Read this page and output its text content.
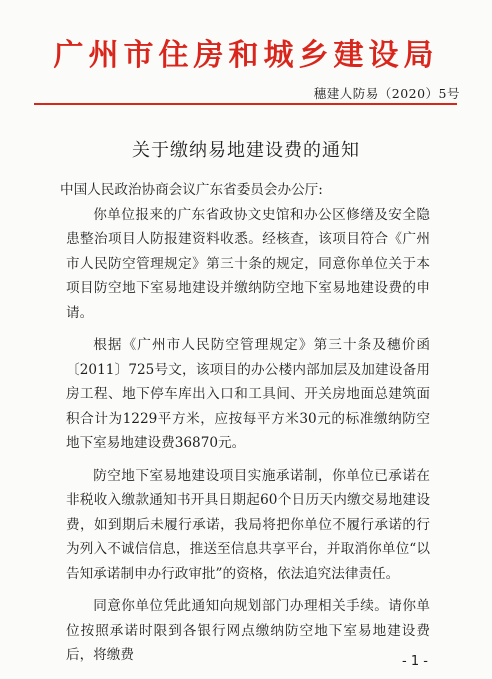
广州市住房和城乡建设局
穗建人防易（2020）5号
关于缴纳易地建设费的通知

中国人民政治协商会议广东省委员会办公厅:

你单位报来的广东省政协文史馆和办公区修缮及安全隐患整治项目人防报建资料收悉。经核查，该项目符合《广州市人民防空管理规定》第三十条的规定，同意你单位关于本项目防空地下室易地建设并缴纳防空地下室易地建设费的申请。

根据《广州市人民防空管理规定》第三十条及穗价函〔2011〕725号文，该项目的办公楼内部加层及加建设备用房工程、地下停车库出入口和工具间、开关房地面总建筑面积合计为1229平方米，应按每平方米30元的标准缴纳防空地下室易地建设费36870元。

防空地下室易地建设项目实施承诺制，你单位已承诺在非税收入缴款通知书开具日期起60个日历天内缴交易地建设费，如到期后未履行承诺，我局将把你单位不履行承诺的行为列入不诚信信息，推送至信息共享平台，并取消你单位“以告知承诺制申办行政审批”的资格，依法追究法律责任。

同意你单位凭此通知向规划部门办理相关手续。请你单位按照承诺时限到各银行网点缴纳防空地下室易地建设费后，将缴费	- 1 -
